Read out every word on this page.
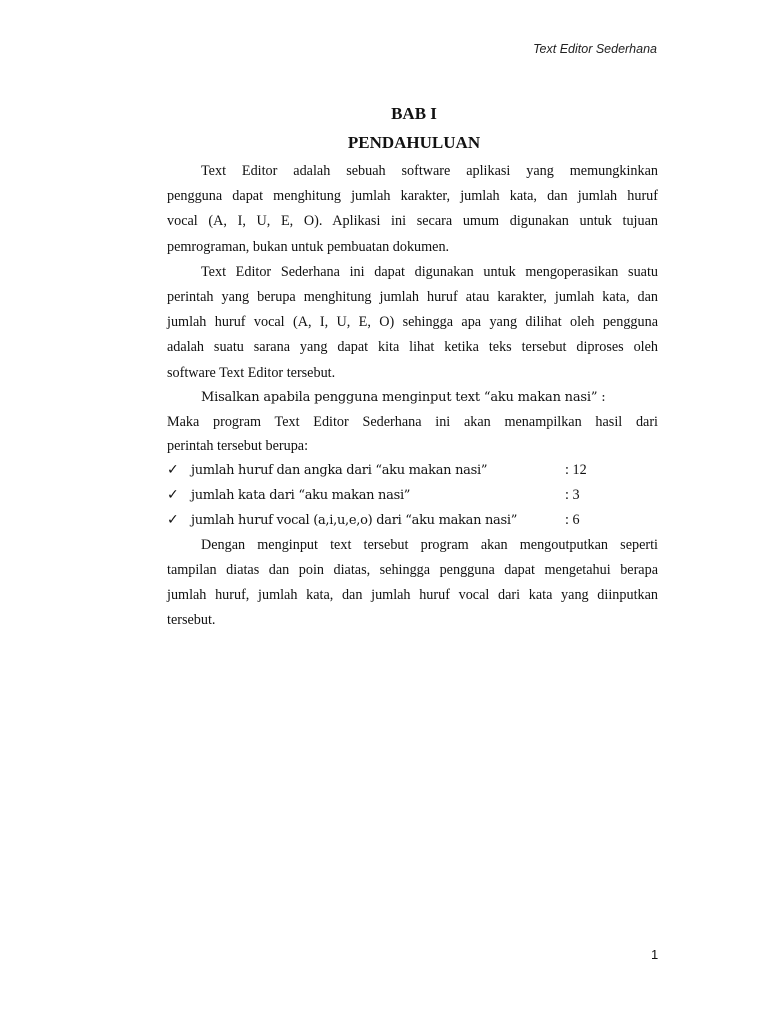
Text Editor Sederhana
BAB I
PENDAHULUAN
Text Editor adalah sebuah software aplikasi yang memungkinkan
pengguna dapat menghitung jumlah karakter, jumlah kata, dan jumlah huruf
vocal (A, I, U, E, O). Aplikasi ini secara umum digunakan untuk tujuan
pemrograman, bukan untuk pembuatan dokumen.
Text Editor Sederhana ini dapat digunakan untuk mengoperasikan suatu
perintah yang berupa menghitung jumlah huruf atau karakter, jumlah kata, dan
jumlah huruf vocal (A, I, U, E, O) sehingga apa yang dilihat oleh pengguna
adalah suatu sarana yang dapat kita lihat ketika teks tersebut diproses oleh
software Text Editor tersebut.
Misalkan apabila pengguna menginput text “aku makan nasi” :
Maka program Text Editor Sederhana ini akan menampilkan hasil dari
perintah tersebut berupa:
✓ jumlah huruf dan angka dari “aku makan nasi”	: 12
✓ jumlah kata dari “aku makan nasi”	: 3
✓ jumlah huruf vocal (a,i,u,e,o) dari “aku makan nasi”	: 6
Dengan menginput text tersebut program akan mengoutputkan seperti
tampilan diatas dan poin diatas, sehingga pengguna dapat mengetahui berapa
jumlah huruf, jumlah kata, dan jumlah huruf vocal dari kata yang diinputkan
tersebut.
1
